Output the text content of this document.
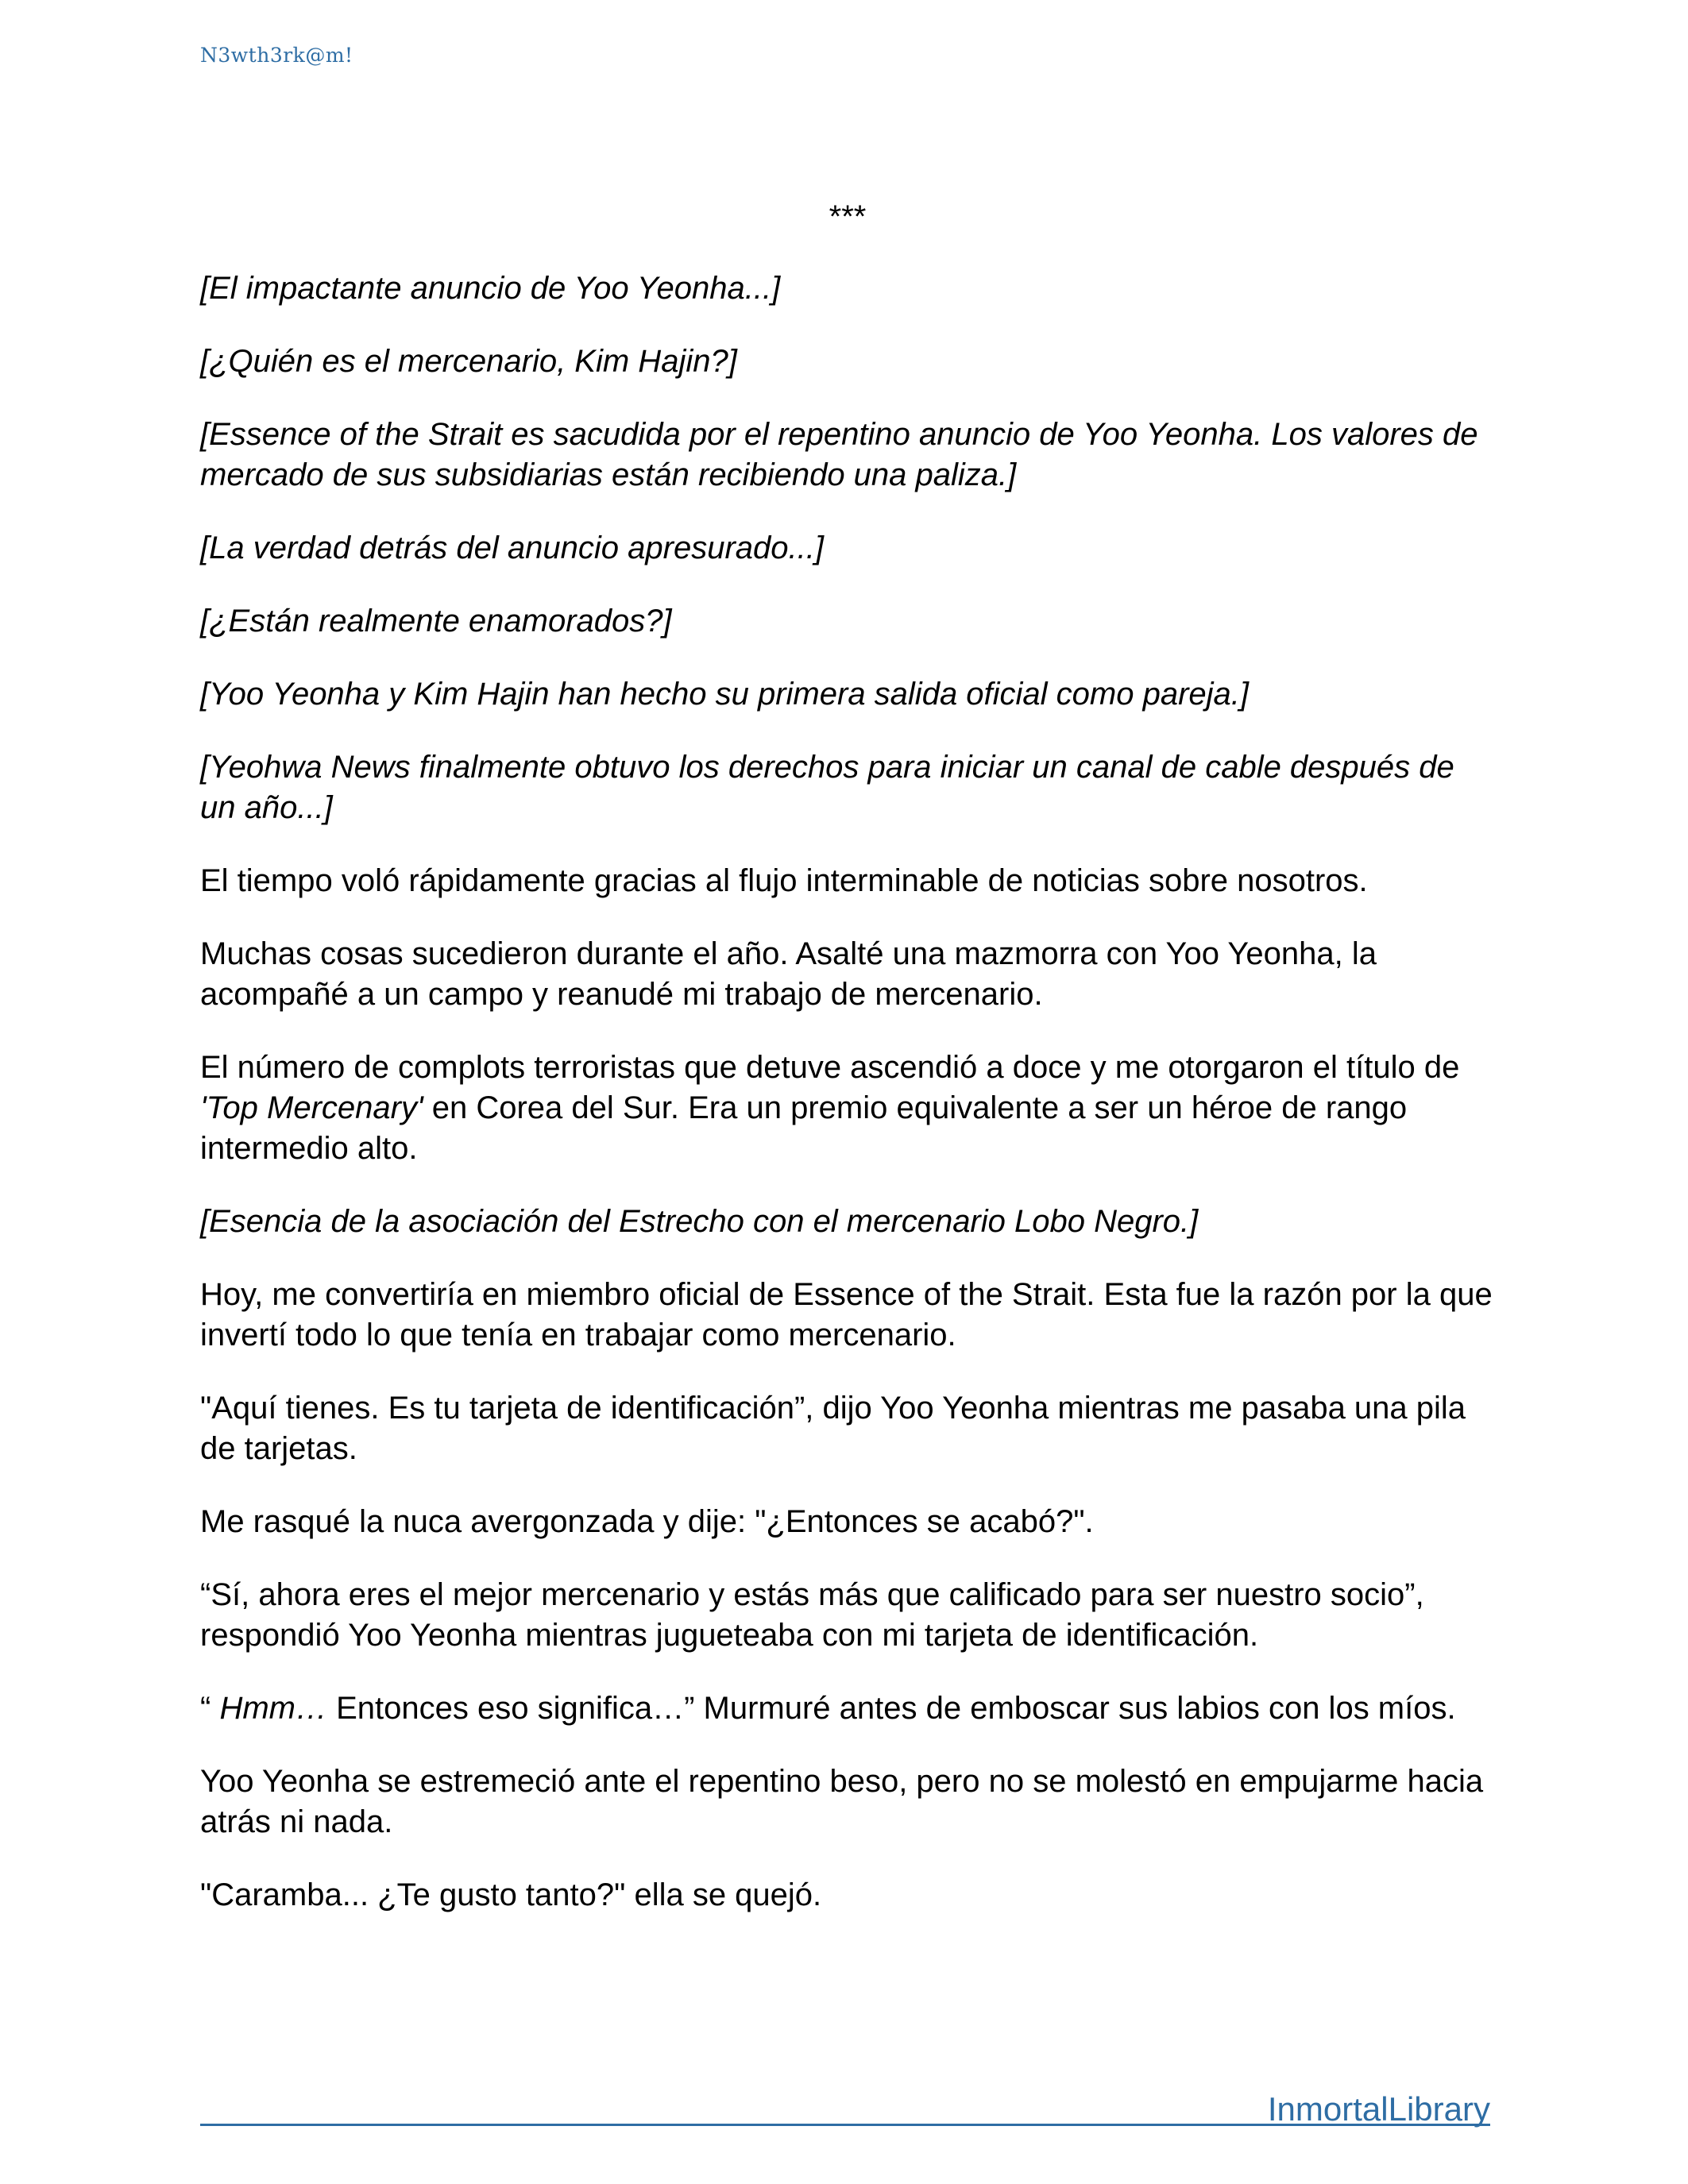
N3wth3rk@m!
***

[El impactante anuncio de Yoo Yeonha...]

[¿Quién es el mercenario, Kim Hajin?]

[Essence of the Strait es sacudida por el repentino anuncio de Yoo Yeonha. Los valores de mercado de sus subsidiarias están recibiendo una paliza.]

[La verdad detrás del anuncio apresurado...]

[¿Están realmente enamorados?]

[Yoo Yeonha y Kim Hajin han hecho su primera salida oficial como pareja.]

[Yeohwa News finalmente obtuvo los derechos para iniciar un canal de cable después de un año...]

El tiempo voló rápidamente gracias al flujo interminable de noticias sobre nosotros.

Muchas cosas sucedieron durante el año. Asalté una mazmorra con Yoo Yeonha, la acompañé a un campo y reanudé mi trabajo de mercenario.

El número de complots terroristas que detuve ascendió a doce y me otorgaron el título de 'Top Mercenary' en Corea del Sur. Era un premio equivalente a ser un héroe de rango intermedio alto.

[Esencia de la asociación del Estrecho con el mercenario Lobo Negro.]

Hoy, me convertiría en miembro oficial de Essence of the Strait. Esta fue la razón por la que invertí todo lo que tenía en trabajar como mercenario.

"Aquí tienes. Es tu tarjeta de identificación”, dijo Yoo Yeonha mientras me pasaba una pila de tarjetas.

Me rasqué la nuca avergonzada y dije: "¿Entonces se acabó?".

“Sí, ahora eres el mejor mercenario y estás más que calificado para ser nuestro socio”, respondió Yoo Yeonha mientras jugueteaba con mi tarjeta de identificación.

“ Hmm… Entonces eso significa…” Murmuré antes de emboscar sus labios con los míos.

Yoo Yeonha se estremeció ante el repentino beso, pero no se molestó en empujarme hacia atrás ni nada.

"Caramba... ¿Te gusto tanto?" ella se quejó.

InmortalLibrary
